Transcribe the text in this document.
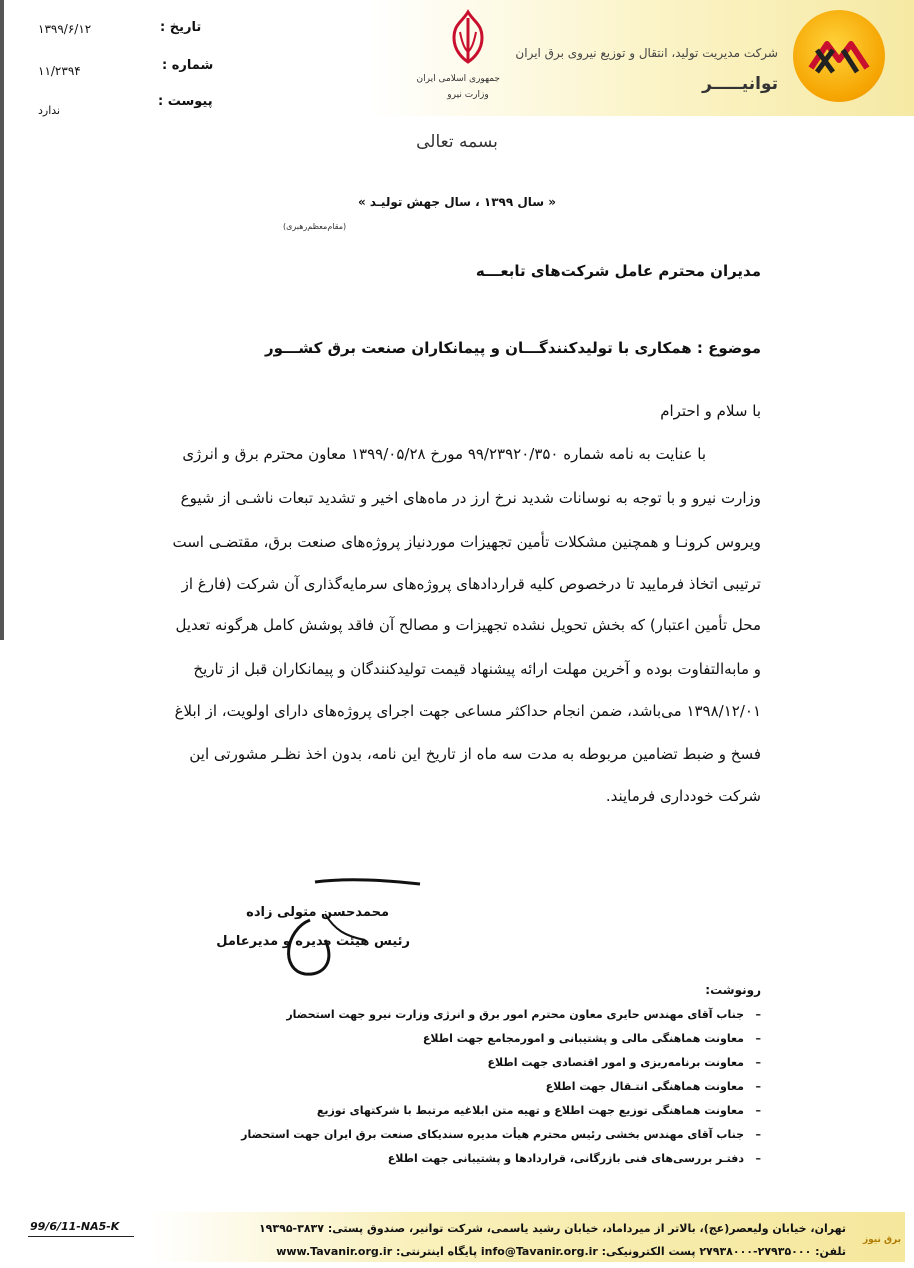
شرکت مدیریت تولید، انتقال و توزیع نیروی برق ایران
توانیـــــر
جمهوری اسلامی ایران
وزارت نیرو
تاریخ :
۱۳۹۹/۶/۱۲
شماره :
۱۱/۲۳۹۴
پیوست :
ندارد
بسمه تعالی
« سال ۱۳۹۹ ، سال جهش تولیـد »
(مقام‌معظم‌رهبری)
مدیران محترم عامل شرکت‌های تابعـــه
موضوع : همکاری با تولیدکنندگـــان و پیمانکاران صنعت برق کشـــور
با سلام و احترام
با عنایت به نامه شماره ۹۹/۲۳۹۲۰/۳۵۰ مورخ ۱۳۹۹/۰۵/۲۸ معاون محترم برق و انرژی
وزارت نیرو و با توجه به نوسانات شدید نرخ ارز در ماه‌های اخیر و تشدید تبعات ناشـی از شیوع
ویروس کرونـا و همچنین مشکلات تأمین تجهیزات موردنیاز پروژه‌های صنعت برق، مقتضـی است
ترتیبی اتخاذ فرمایید تا درخصوص کلیه قراردادهای پروژه‌های سرمایه‌گذاری آن شرکت (فارغ از
محل تأمین اعتبار) که بخش تحویل نشده تجهیزات و مصالح آن فاقد پوشش کامل هرگونه تعدیل
و مابه‌التفاوت بوده و آخرین مهلت ارائه پیشنهاد قیمت تولیدکنندگان و پیمانکاران قبل از تاریخ
۱۳۹۸/۱۲/۰۱ می‌باشد، ضمن انجام حداکثر مساعی جهت اجرای پروژه‌های دارای اولویت، از ابلاغ
فسخ و ضبط تضامین مربوطه به مدت سه ماه از تاریخ این نامه، بدون اخذ نظـر مشورتی این
شرکت خودداری فرمایند.
محمدحسن متولی زاده
رئیس هیئت مدیره و مدیرعامل
رونوشت:
–   جناب آقای مهندس حایری معاون محترم امور برق و انرژی وزارت نیرو جهت استحضار
–   معاونت هماهنگی مالی و پشتیبانی و امورمجامع جهت اطلاع
–   معاونت برنامه‌ریزی و امور اقتصادی جهت اطلاع
–   معاونت هماهنگی انتـقال جهت اطلاع
–   معاونت هماهنگی توزیع جهت اطلاع و تهیه متن ابلاغیه مرتبط با شرکتهای توزیع
–   جناب آقای مهندس بخشی رئیس محترم هیأت مدیره سندیکای صنعت برق ایران جهت استحضار
–   دفتـر بررسی‌های فنی بازرگانی، قراردادها و پشتیبانی جهت اطلاع
99/6/11-NA5-K	تهران، خیابان ولیعصر(عج)، بالاتر از میرداماد، خیابان رشید یاسمی، شرکت توانیر، صندوق پستی: ۳۸۳۷-۱۹۳۹۵
تلفن: ۲۷۹۳۵۰۰۰-۲۷۹۳۸۰۰۰ پست الکترونیکی: info@Tavanir.org.ir پایگاه اینترنتی: www.Tavanir.org.ir
برق نیوز
